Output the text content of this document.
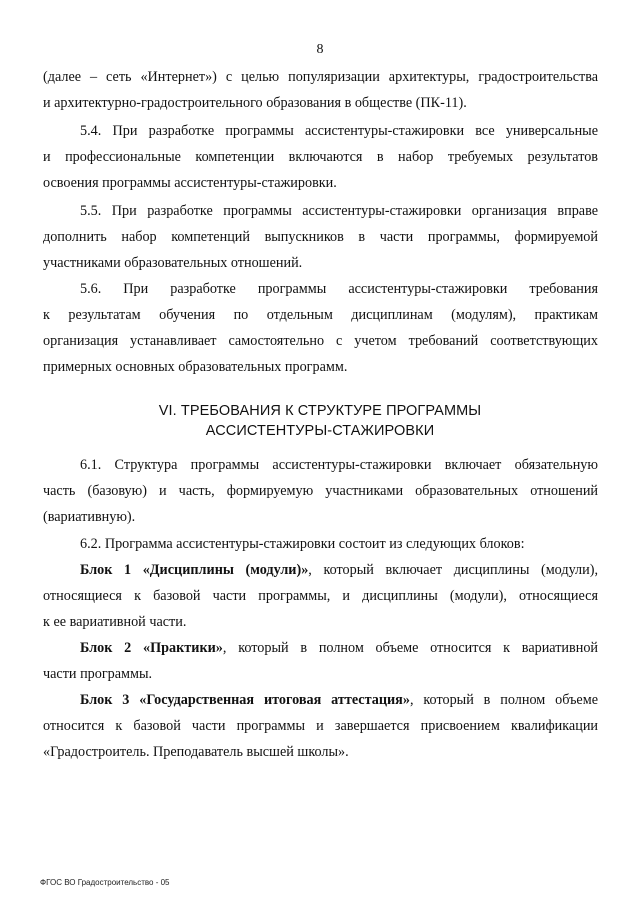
8

(далее – сеть «Интернет») с целью популяризации архитектуры, градостроительства
и архитектурно-градостроительного образования в обществе (ПК-11).

5.4. При разработке программы ассистентуры-стажировки все универсальные
и профессиональные компетенции включаются в набор требуемых результатов
освоения программы ассистентуры-стажировки.

5.5. При разработке программы ассистентуры-стажировки организация вправе
дополнить набор компетенций выпускников в части программы, формируемой
участниками образовательных отношений.

5.6. При разработке программы ассистентуры-стажировки требования
к результатам обучения по отдельным дисциплинам (модулям), практикам
организация устанавливает самостоятельно с учетом требований соответствующих
примерных основных образовательных программ.

VI. ТРЕБОВАНИЯ К СТРУКТУРЕ ПРОГРАММЫ
АССИСТЕНТУРЫ-СТАЖИРОВКИ

6.1. Структура программы ассистентуры-стажировки включает обязательную
часть (базовую) и часть, формируемую участниками образовательных отношений
(вариативную).

6.2. Программа ассистентуры-стажировки состоит из следующих блоков:

Блок 1 «Дисциплины (модули)», который включает дисциплины (модули),
относящиеся к базовой части программы, и дисциплины (модули), относящиеся
к ее вариативной части.

Блок 2 «Практики», который в полном объеме относится к вариативной
части программы.

Блок 3 «Государственная итоговая аттестация», который в полном объеме
относится к базовой части программы и завершается присвоением квалификации
«Градостроитель. Преподаватель высшей школы».

ФГОС ВО Градостроительство - 05
